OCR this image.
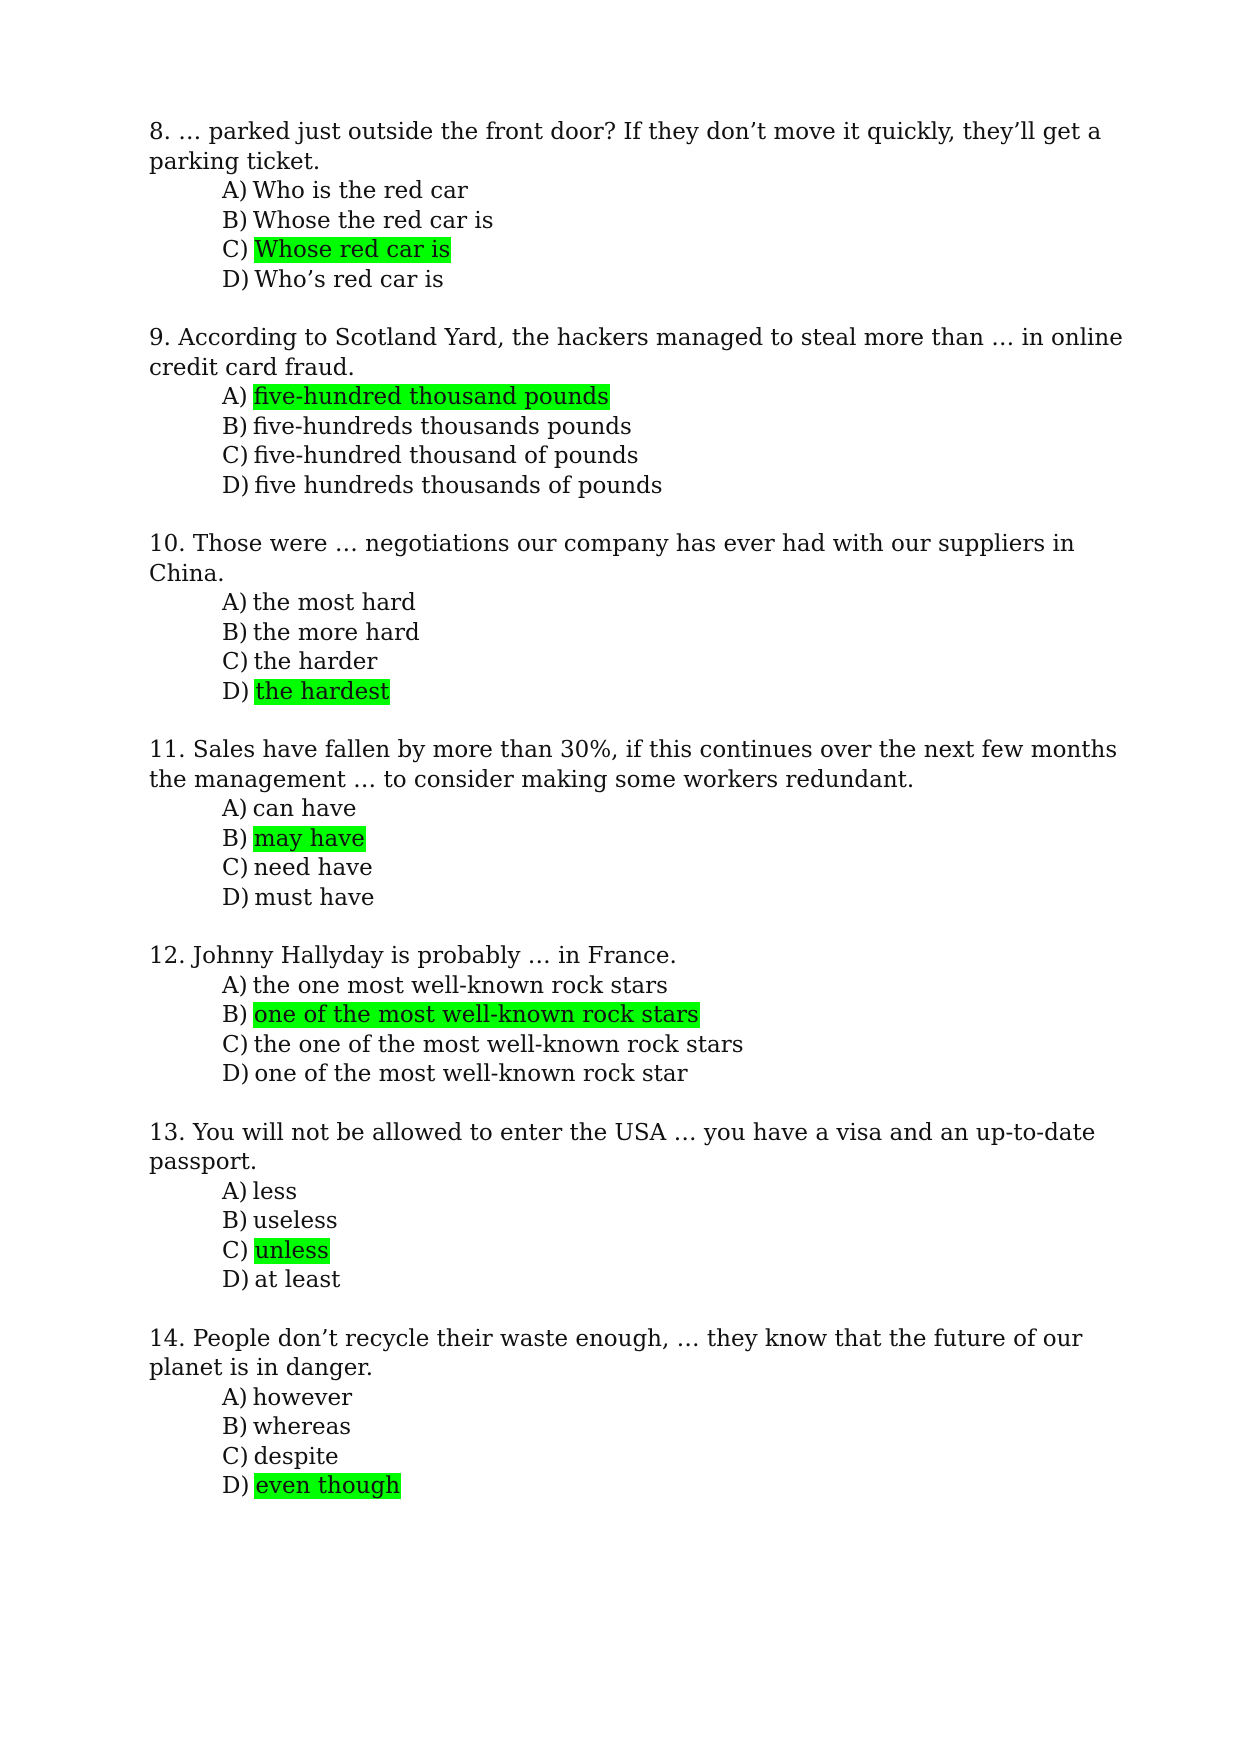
8. … parked just outside the front door? If they don’t move it quickly, they’ll get a parking ticket.

A) Who is the red car
B) Whose the red car is
C) Whose red car is
D) Who’s red car is

9. According to Scotland Yard, the hackers managed to steal more than … in online credit card fraud.

A) five-hundred thousand pounds
B) five-hundreds thousands pounds
C) five-hundred thousand of pounds
D) five hundreds thousands of pounds

10. Those were … negotiations our company has ever had with our suppliers in China.

A) the most hard
B) the more hard
C) the harder
D) the hardest

11. Sales have fallen by more than 30%, if this continues over the next few months the management … to consider making some workers redundant.

A) can have
B) may have
C) need have
D) must have

12. Johnny Hallyday is probably … in France.

A) the one most well-known rock stars
B) one of the most well-known rock stars
C) the one of the most well-known rock stars
D) one of the most well-known rock star

13. You will not be allowed to enter the USA … you have a visa and an up-to-date passport.

A) less
B) useless
C) unless
D) at least

14. People don’t recycle their waste enough, … they know that the future of our planet is in danger.

A) however
B) whereas
C) despite
D) even though
